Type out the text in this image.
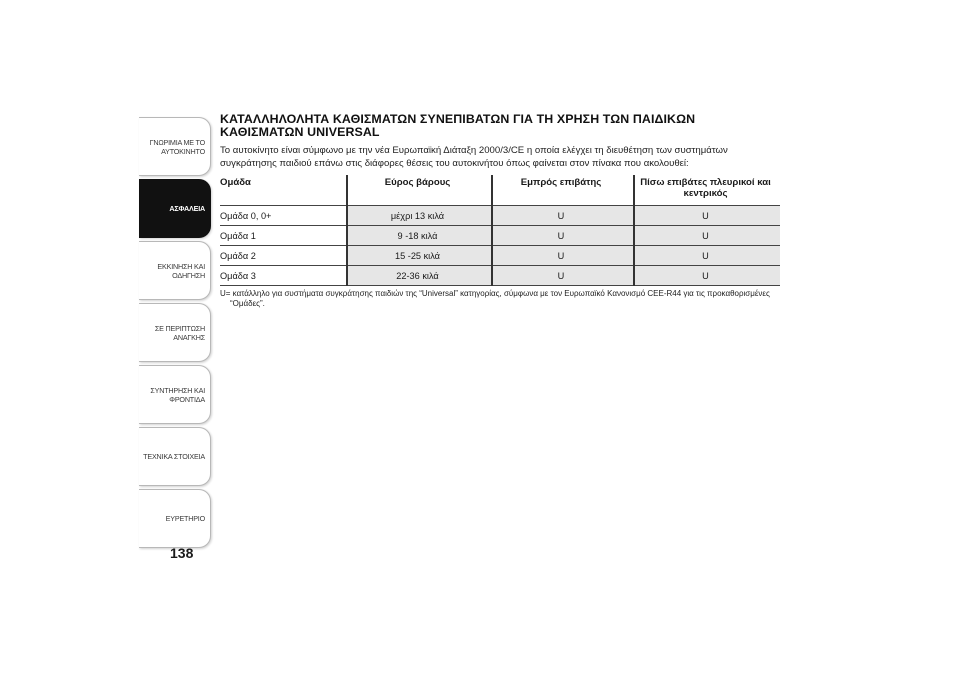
ΓΝΩΡΙΜΙΑ ΜΕ ΤΟ
ΑΥΤΟΚΙΝΗΤΟ
ΑΣΦΑΛΕΙΑ
ΕΚΚΙΝΗΣΗ ΚΑΙ
ΟΔΗΓΗΣΗ
ΣΕ ΠΕΡΙΠΤΩΣΗ
ΑΝΑΓΚΗΣ
ΣΥΝΤΗΡΗΣΗ ΚΑΙ
ΦΡΟΝΤΙΔΑ
ΤΕΧΝΙΚΑ ΣΤΟΙΧΕΙΑ
ΕΥΡΕΤΗΡΙΟ
138
ΚΑΤΑΛΛΗΛΟΛΗΤΑ ΚΑΘΙΣΜΑΤΩΝ ΣΥΝΕΠΙΒΑΤΩΝ ΓΙΑ ΤΗ ΧΡΗΣΗ ΤΩΝ ΠΑΙΔΙΚΩΝ ΚΑΘΙΣΜΑΤΩΝ UNIVERSAL

Το αυτοκίνητο είναι σύμφωνο με την νέα Ευρωπαϊκή Διάταξη 2000/3/CE η οποία ελέγχει τη διευθέτηση των συστημάτων συγκράτησης παιδιού επάνω στις διάφορες θέσεις του αυτοκινήτου όπως φαίνεται στον πίνακα που ακολουθεί:

Ομάδα	Εύρος βάρους	Εμπρός επιβάτης	Πίσω επιβάτες πλευρικοί και κεντρικός
Ομάδα 0, 0+	μέχρι 13 κιλά	U	U
Ομάδα 1	9 -18 κιλά	U	U
Ομάδα 2	15 -25 κιλά	U	U
Ομάδα 3	22-36 κιλά	U	U
U= κατάλληλο για συστήματα συγκράτησης παιδιών της “Universal” κατηγορίας, σύμφωνα με τον Ευρωπαϊκό Κανονισμό CEE-R44 για τις προκαθορισμένες
“Ομάδες”.
